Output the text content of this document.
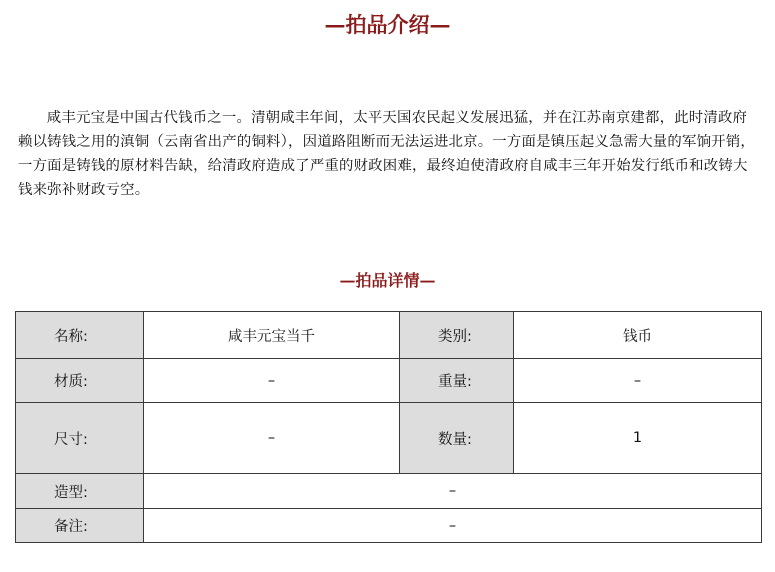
—拍品介绍—

咸丰元宝是中国古代钱币之一。清朝咸丰年间，太平天国农民起义发展迅猛，并在江苏南京建都，此时清政府赖以铸钱之用的滇铜（云南省出产的铜料），因道路阻断而无法运进北京。一方面是镇压起义急需大量的军饷开销，一方面是铸钱的原材料告缺，给清政府造成了严重的财政困难，最终迫使清政府自咸丰三年开始发行纸币和改铸大钱来弥补财政亏空。

—拍品详情—
名称:	咸丰元宝当千	类别:	钱币
材质:	–	重量:	–
尺寸:	–	数量:	1
造型:	–		
备注:	–		
